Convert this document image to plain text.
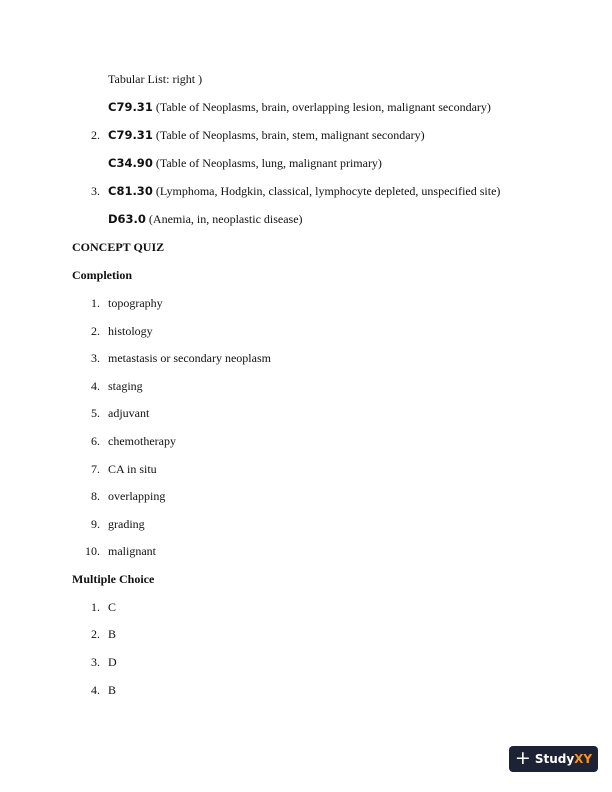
Tabular List: right )
C79.31 (Table of Neoplasms, brain, overlapping lesion, malignant secondary)
2. C79.31 (Table of Neoplasms, brain, stem, malignant secondary)
C34.90 (Table of Neoplasms, lung, malignant primary)
3. C81.30 (Lymphoma, Hodgkin, classical, lymphocyte depleted, unspecified site)
D63.0 (Anemia, in, neoplastic disease)
CONCEPT QUIZ
Completion
1. topography
2. histology
3. metastasis or secondary neoplasm
4. staging
5. adjuvant
6. chemotherapy
7. CA in situ
8. overlapping
9. grading
10. malignant
Multiple Choice
1. C
2. B
3. D
4. B
+ StudyXY
